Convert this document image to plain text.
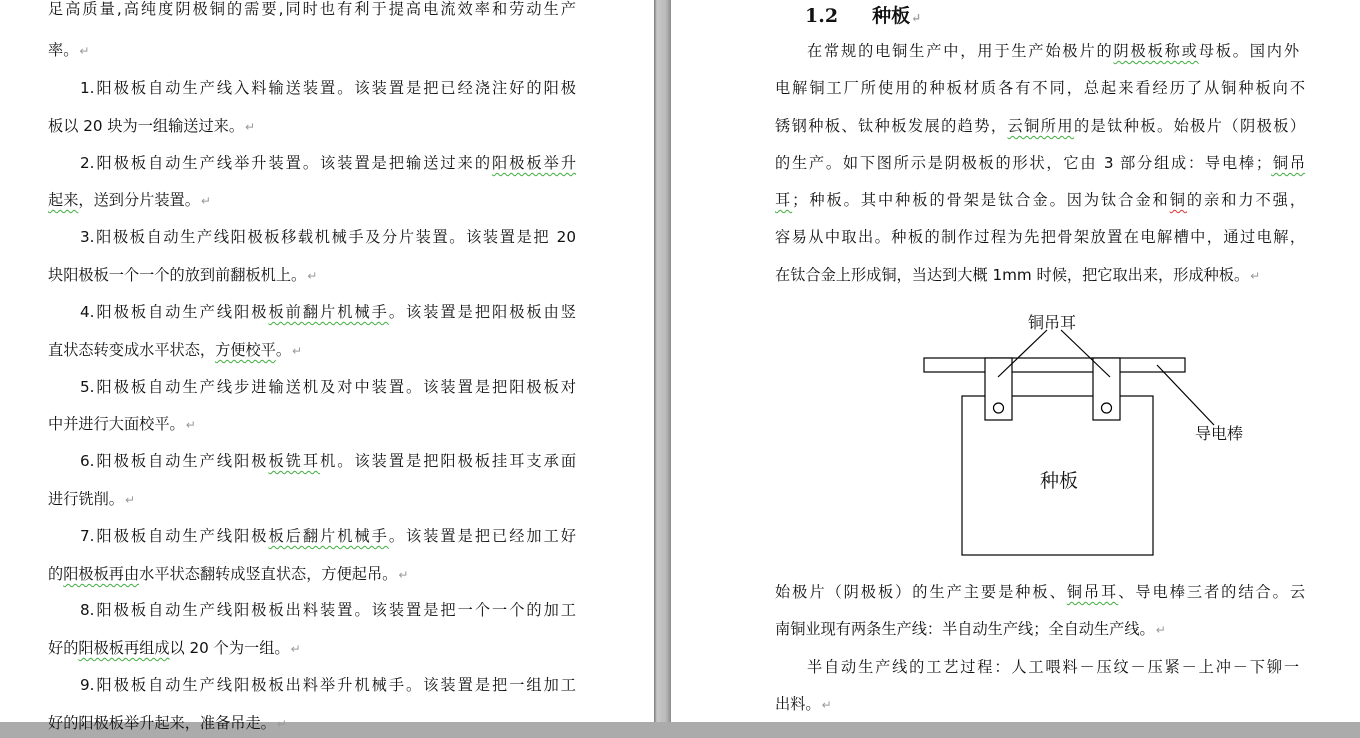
足高质量,高纯度阴极铜的需要,同时也有利于提高电流效率和劳动生产
率。↵
1.阳极板自动生产线入料输送装置。该装置是把已经浇注好的阳极
板以 20 块为一组输送过来。↵
2.阳极板自动生产线举升装置。该装置是把输送过来的阳极板举升
起来，送到分片装置。↵
3.阳极板自动生产线阳极板移载机械手及分片装置。该装置是把 20
块阳极板一个一个的放到前翻板机上。↵
4.阳极板自动生产线阳极板前翻片机械手。该装置是把阳极板由竖
直状态转变成水平状态，方便校平。↵
5.阳极板自动生产线步进输送机及对中装置。该装置是把阳极板对
中并进行大面校平。↵
6.阳极板自动生产线阳极板铣耳机。该装置是把阳极板挂耳支承面
进行铣削。↵
7.阳极板自动生产线阳极板后翻片机械手。该装置是把已经加工好
的阳极板再由水平状态翻转成竖直状态，方便起吊。↵
8.阳极板自动生产线阳极板出料装置。该装置是把一个一个的加工
好的阳极板再组成以 20 个为一组。↵
9.阳极板自动生产线阳极板出料举升机械手。该装置是把一组加工
好的阳极板举升起来，准备吊走。↵
1.2 种板↵
在常规的电铜生产中，用于生产始极片的阴极板称或母板。国内外
电解铜工厂所使用的种板材质各有不同，总起来看经历了从铜种板向不
锈钢种板、钛种板发展的趋势，云铜所用的是钛种板。始极片（阴极板）
的生产。如下图所示是阴极板的形状，它由 3 部分组成：导电棒；铜吊
耳；种板。其中种板的骨架是钛合金。因为钛合金和铜的亲和力不强，
容易从中取出。种板的制作过程为先把骨架放置在电解槽中，通过电解，
在钛合金上形成铜，当达到大概 1mm 时候，把它取出来，形成种板。↵
铜吊耳
导电棒
种板
始极片（阴极板）的生产主要是种板、铜吊耳、导电棒三者的结合。云
南铜业现有两条生产线：半自动生产线；全自动生产线。↵
半自动生产线的工艺过程：人工喂料－压纹－压紧－上冲－下铆一
出料。↵
